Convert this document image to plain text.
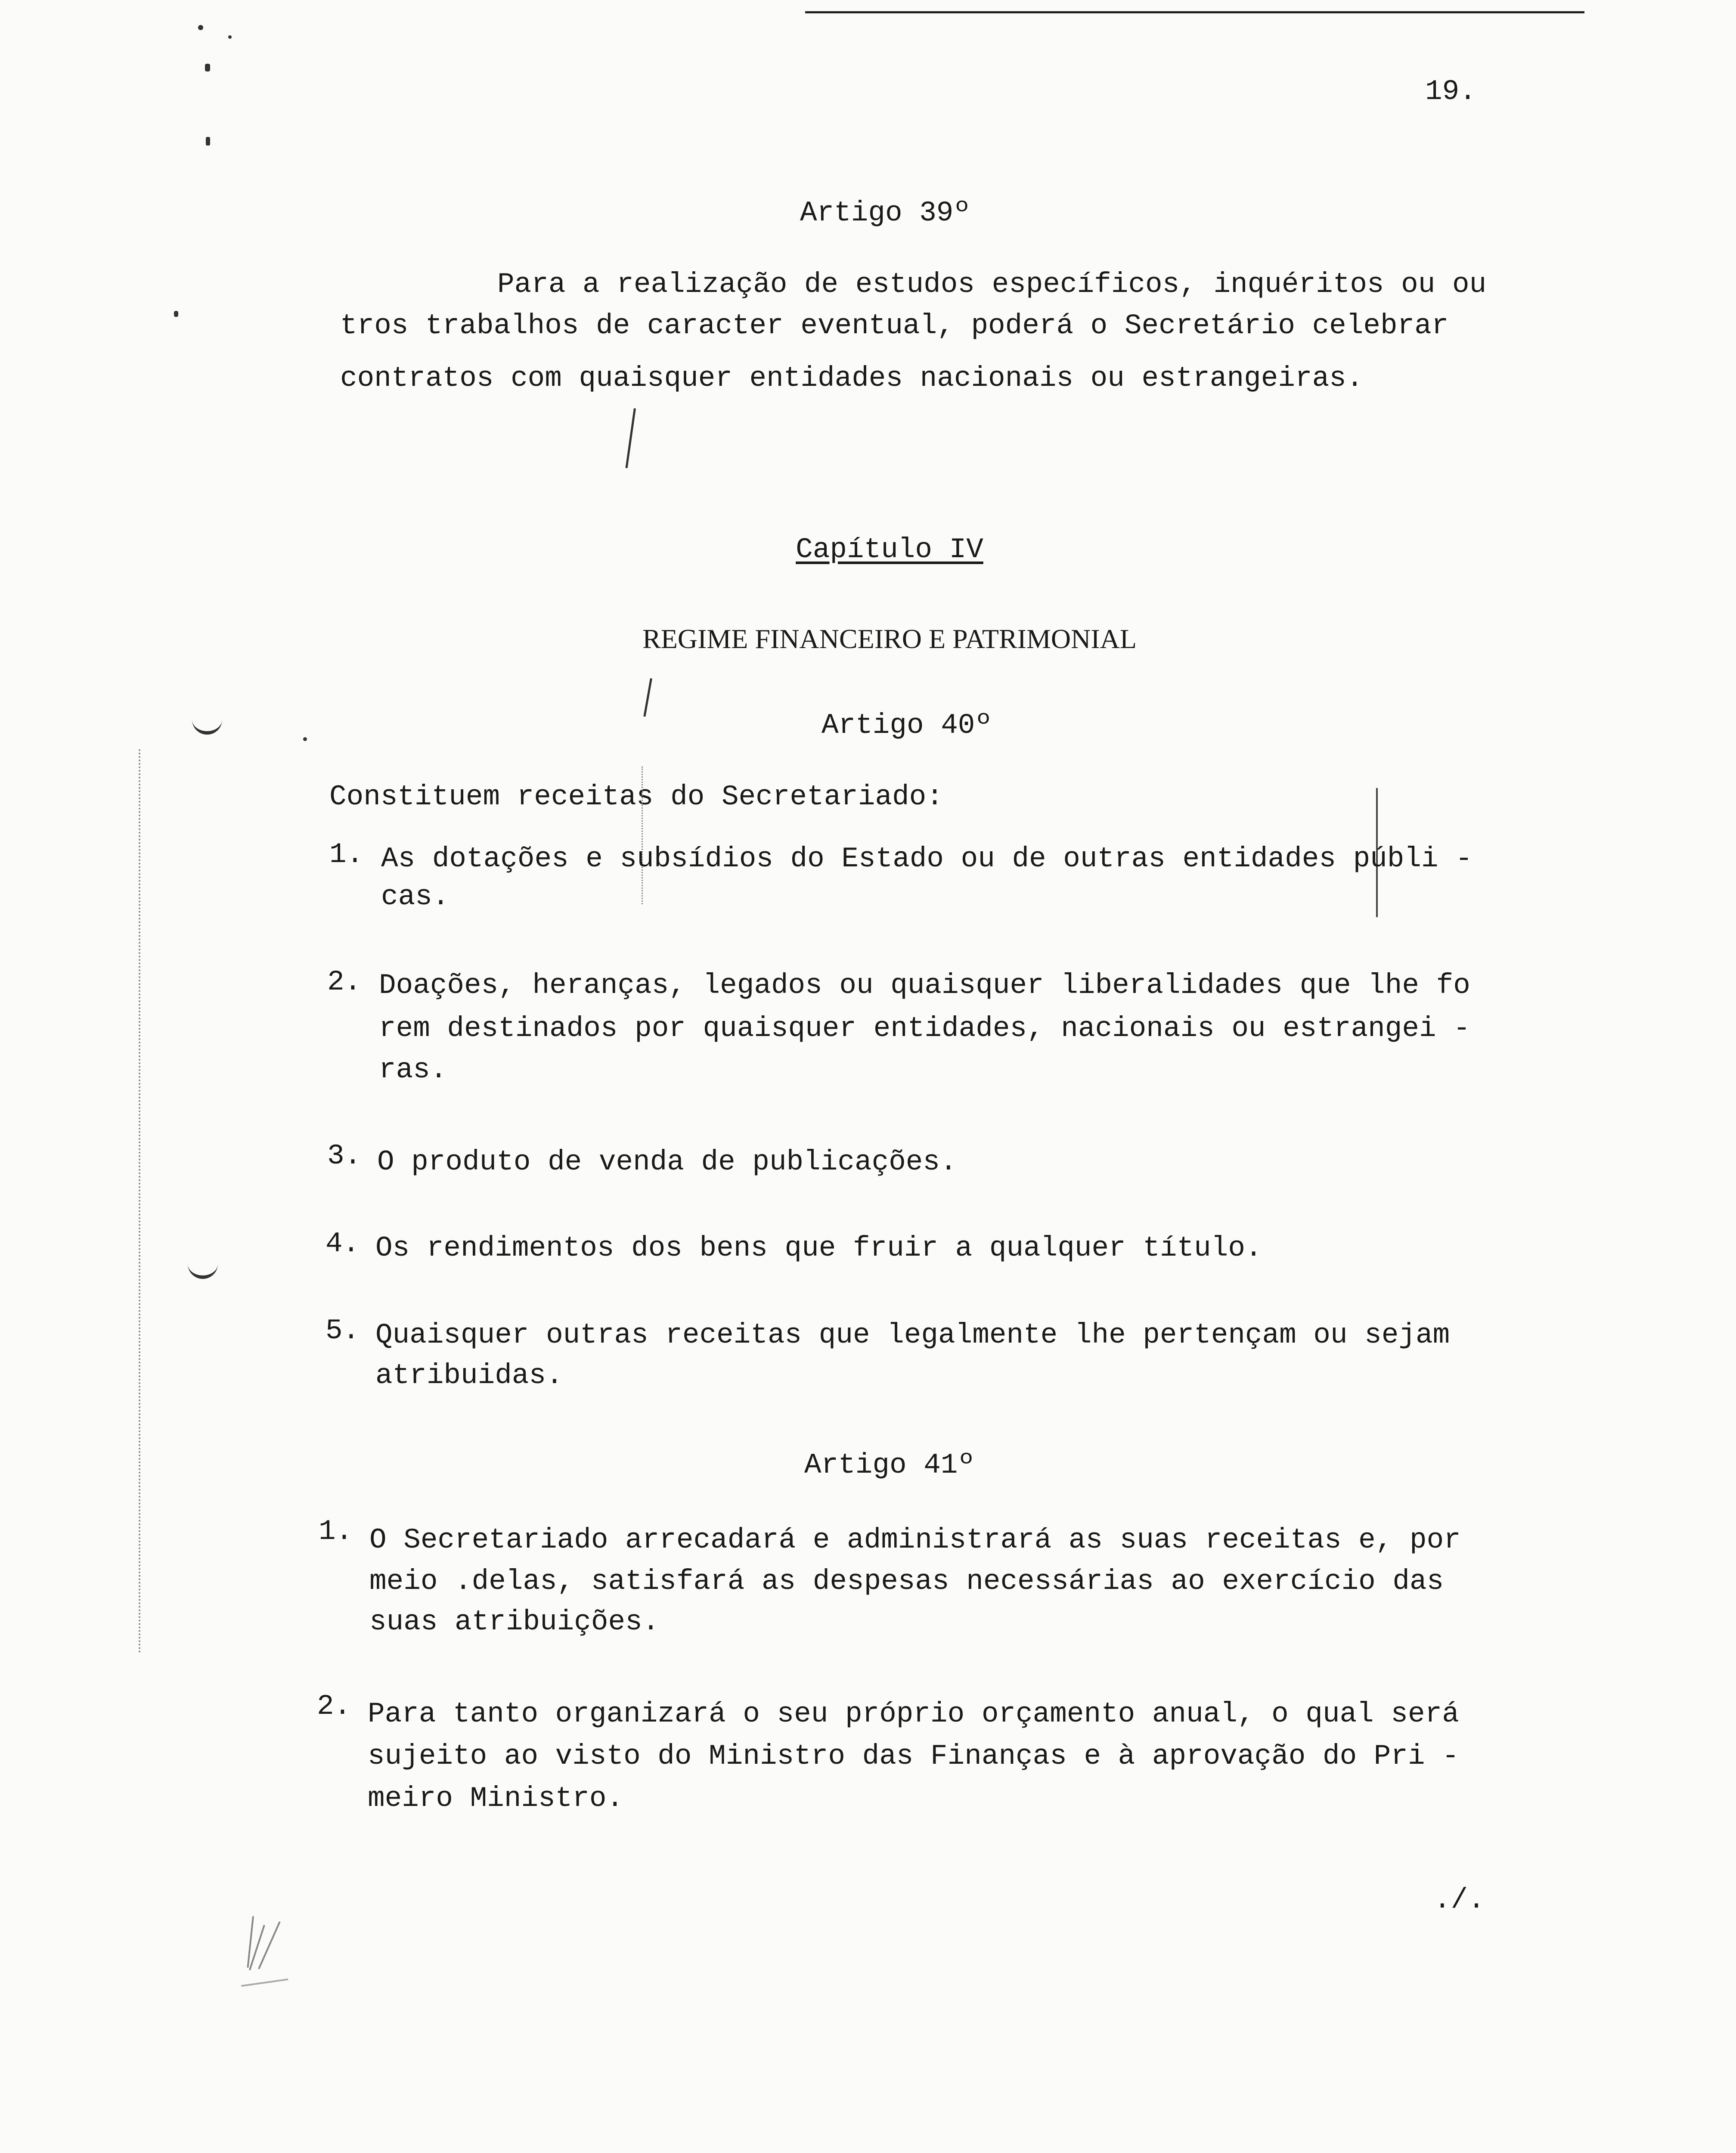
19.
Artigo 39º
Para a realização de estudos específicos, inquéritos ou ou
tros trabalhos de caracter eventual, poderá o Secretário celebrar
contratos com quaisquer entidades nacionais ou estrangeiras.
Capítulo IV
REGIME FINANCEIRO E PATRIMONIAL
Artigo 40º
Constituem receitas do Secretariado:
1. As dotações e subsídios do Estado ou de outras entidades públi -
cas.
2. Doações, heranças, legados ou quaisquer liberalidades que lhe fo
rem destinados por quaisquer entidades, nacionais ou estrangei -
ras.
3. O produto de venda de publicações.
4. Os rendimentos dos bens que fruir a qualquer título.
5. Quaisquer outras receitas que legalmente lhe pertençam ou sejam
atribuidas.
Artigo 41º
1. O Secretariado arrecadará e administrará as suas receitas e, por
meio .delas, satisfará as despesas necessárias ao exercício das
suas atribuições.
2. Para tanto organizará o seu próprio orçamento anual, o qual será
sujeito ao visto do Ministro das Finanças e à aprovação do Pri -
meiro Ministro.
./.
